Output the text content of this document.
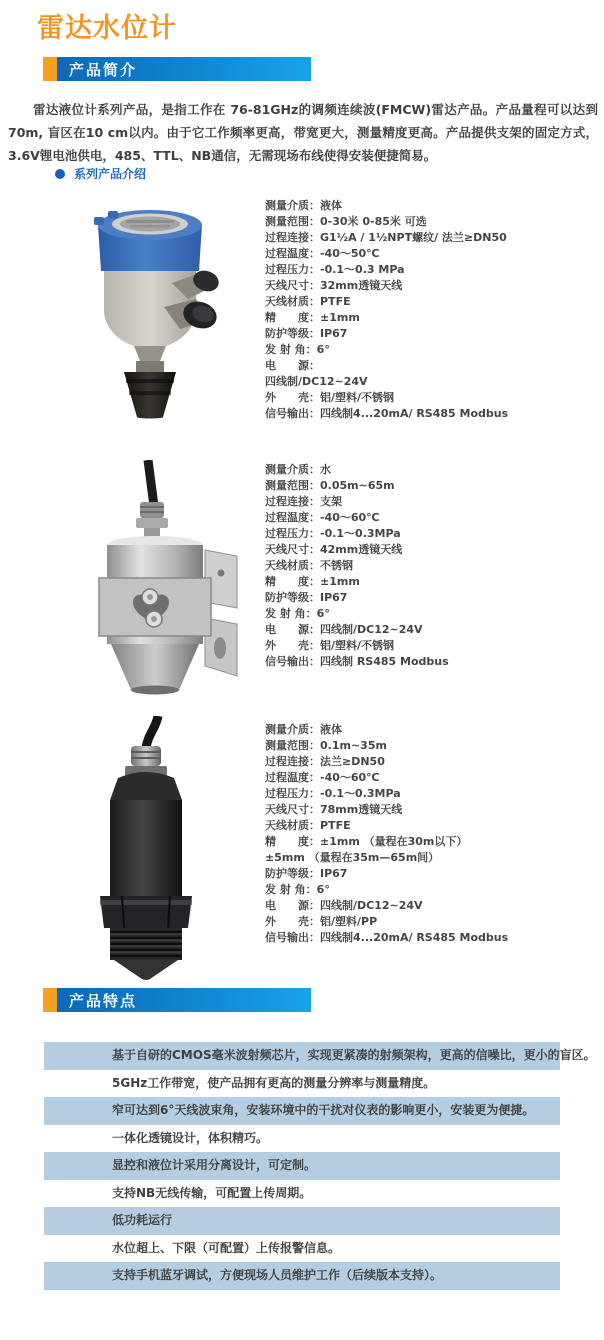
雷达水位计
产品简介

雷达液位计系列产品，是指工作在 76-81GHz的调频连续波(FMCW)雷达产品。产品量程可以达到70m, 盲区在10 cm以内。由于它工作频率更高，带宽更大，测量精度更高。产品提供支架的固定方式，3.6V锂电池供电，485、TTL、NB通信，无需现场布线使得安装便捷简易。

系列产品介绍
测量介质：液体
测量范围：0-30米 0-85米 可选
过程连接：G1½A / 1½NPT螺纹/ 法兰≥DN50
过程温度：-40～50℃
过程压力：-0.1～0.3 MPa
天线尺寸：32mm透镜天线
天线材质：PTFE
精　　度：±1mm
防护等级：IP67
发 射 角：6°
电　　源：
四线制/DC12~24V
外　　壳：铝/塑料/不锈钢
信号输出：四线制4...20mA/ RS485 Modbus
测量介质：水
测量范围：0.05m~65m
过程连接：支架
过程温度：-40～60℃
过程压力：-0.1～0.3MPa
天线尺寸：42mm透镜天线
天线材质：不锈钢
精　　度：±1mm
防护等级：IP67
发 射 角：6°
电　　源：四线制/DC12~24V
外　　壳：铝/塑料/不锈钢
信号输出：四线制 RS485 Modbus
测量介质：液体
测量范围：0.1m~35m
过程连接：法兰≥DN50
过程温度：-40～60℃
过程压力：-0.1～0.3MPa
天线尺寸：78mm透镜天线
天线材质：PTFE
精　　度：±1mm （量程在30m以下）
±5mm （量程在35m—65m间）
防护等级：IP67
发 射 角：6°
电　　源：四线制/DC12~24V
外　　壳：铝/塑料/PP
信号输出：四线制4...20mA/ RS485 Modbus
产品特点
基于自研的CMOS毫米波射频芯片，实现更紧凑的射频架构，更高的信噪比，更小的盲区。
5GHz工作带宽，使产品拥有更高的测量分辨率与测量精度。
窄可达到6°天线波束角，安装环境中的干扰对仪表的影响更小，安装更为便捷。
一体化透镜设计，体积精巧。
显控和液位计采用分离设计，可定制。
支持NB无线传输，可配置上传周期。
低功耗运行
水位超上、下限（可配置）上传报警信息。
支持手机蓝牙调试，方便现场人员维护工作（后续版本支持）。
